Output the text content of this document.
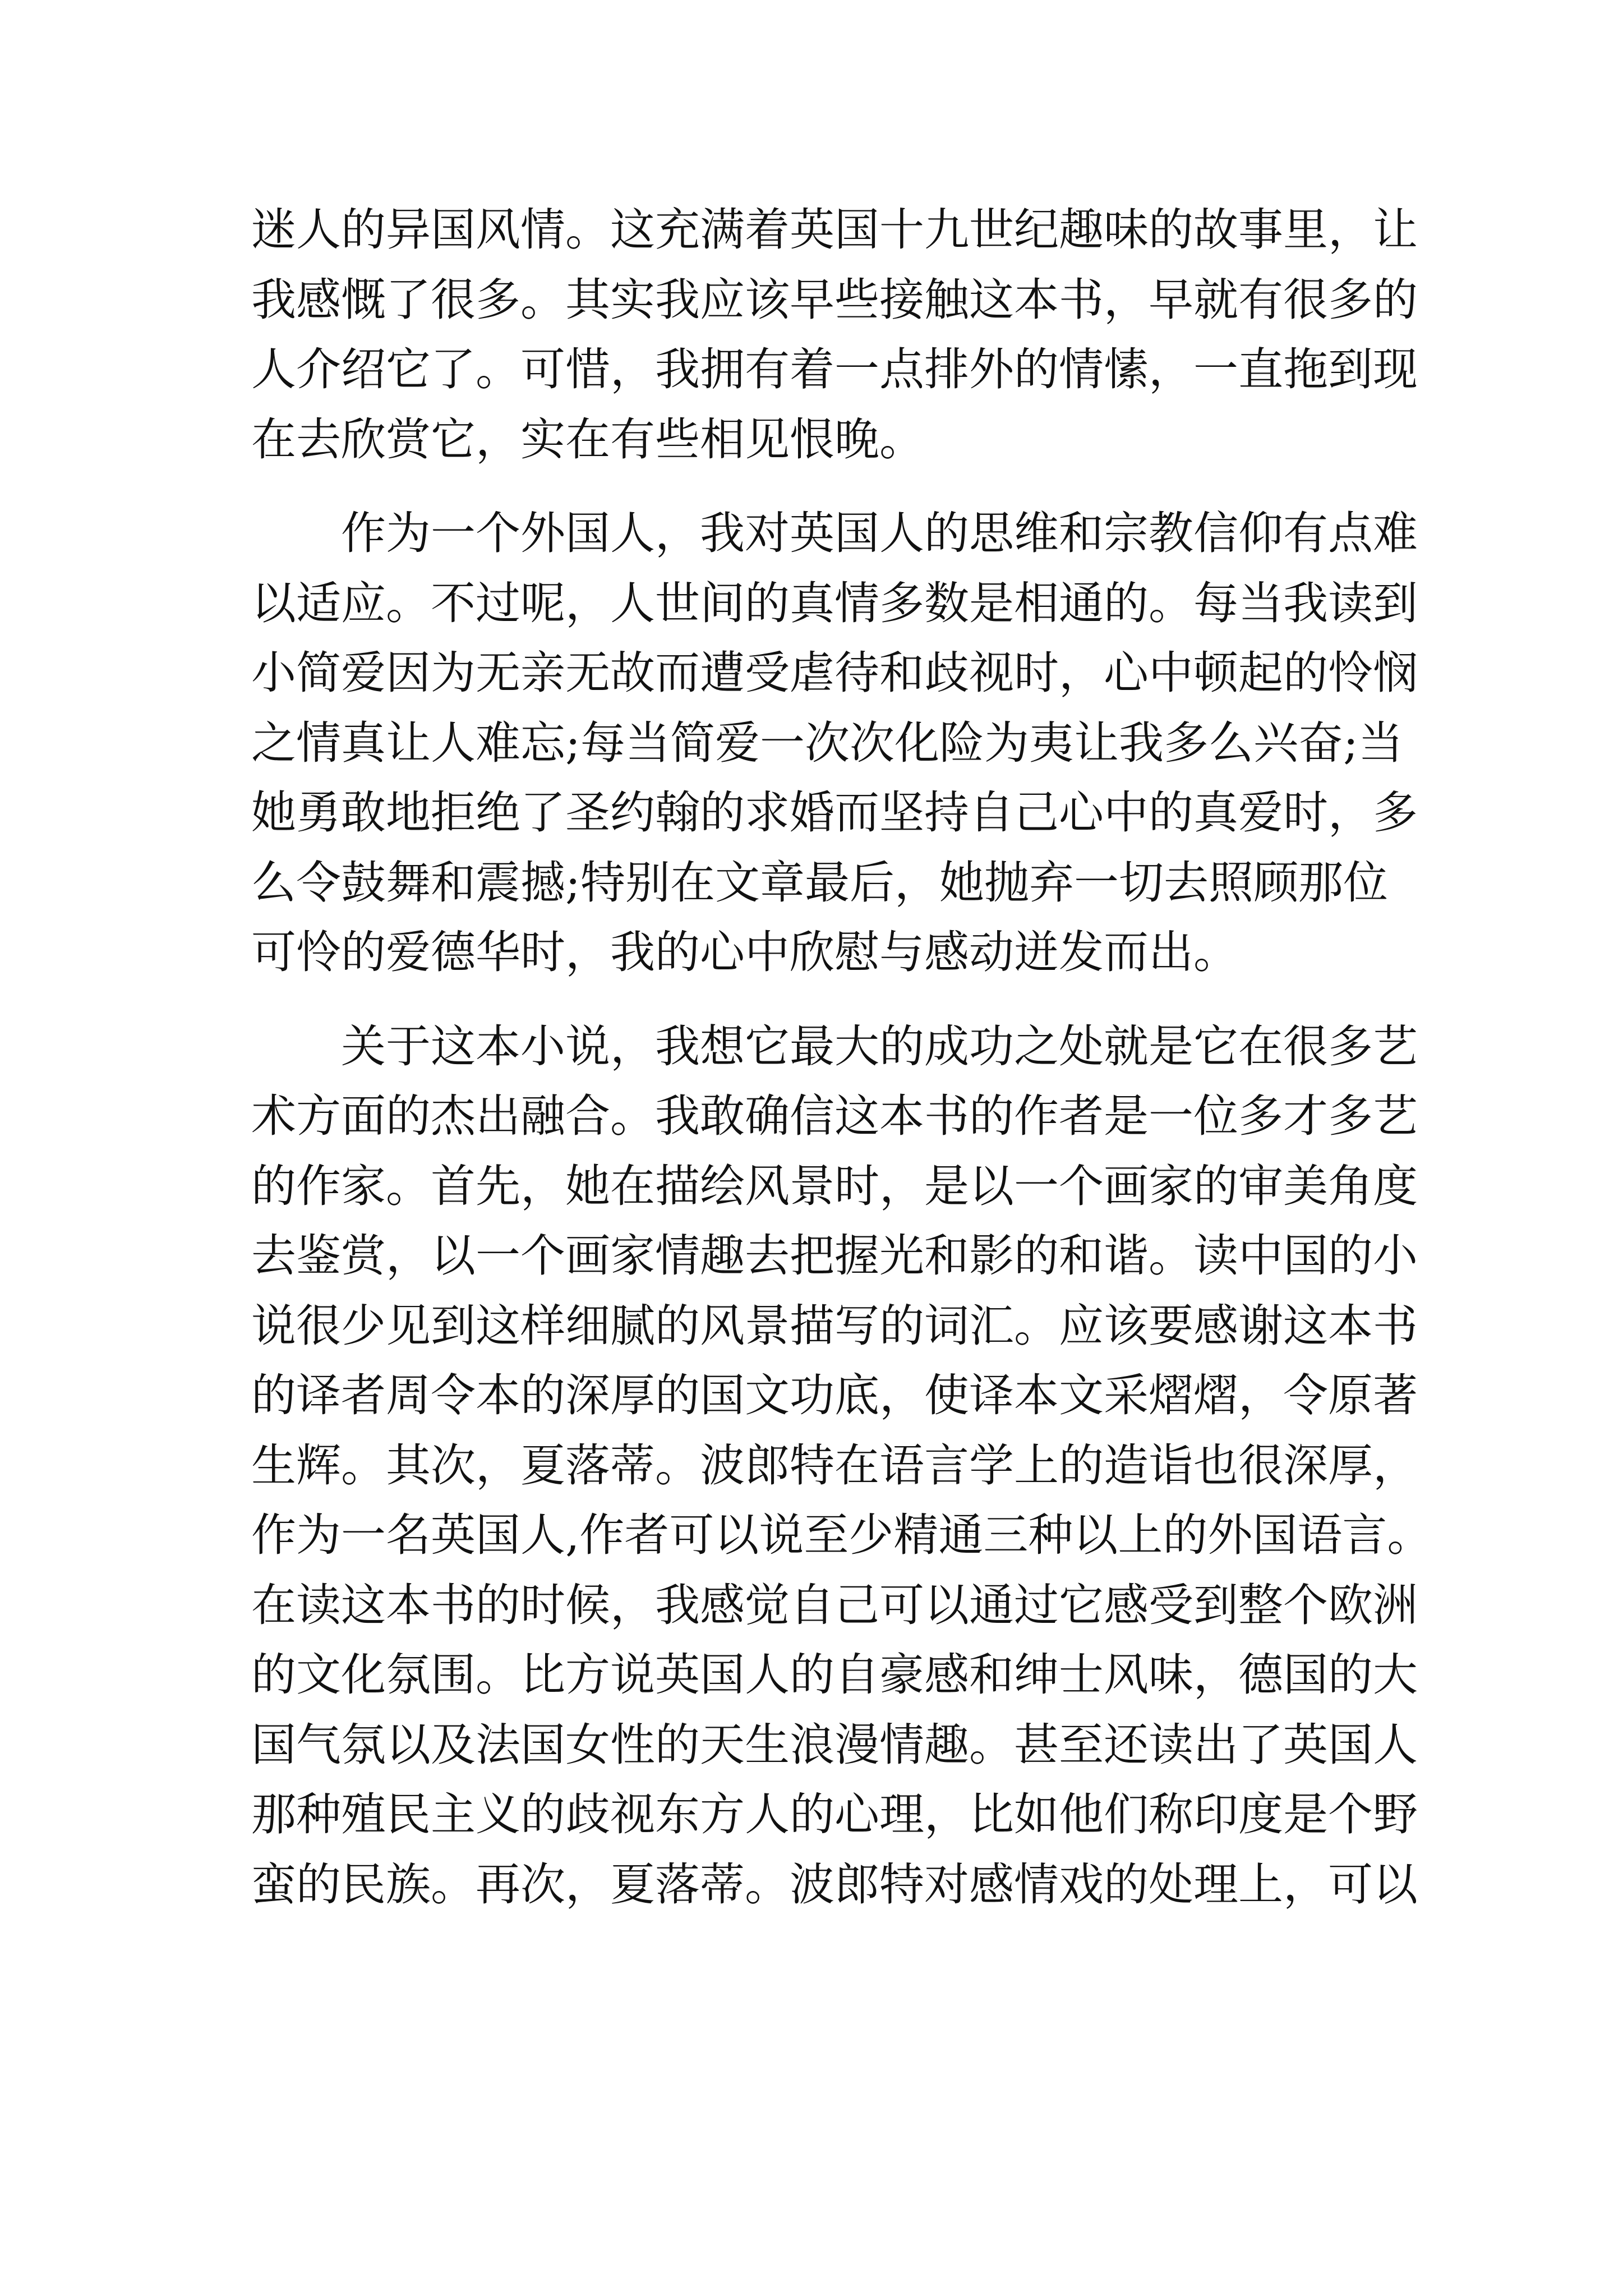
迷人的异国风情。这充满着英国十九世纪趣味的故事里，让
我感慨了很多。其实我应该早些接触这本书，早就有很多的
人介绍它了。可惜，我拥有着一点排外的情愫，一直拖到现
在去欣赏它，实在有些相见恨晚。
　　作为一个外国人，我对英国人的思维和宗教信仰有点难
以适应。不过呢，人世间的真情多数是相通的。每当我读到
小简爱因为无亲无故而遭受虐待和歧视时，心中顿起的怜悯
之情真让人难忘;每当简爱一次次化险为夷让我多么兴奋;当
她勇敢地拒绝了圣约翰的求婚而坚持自己心中的真爱时，多
么令鼓舞和震撼;特别在文章最后，她抛弃一切去照顾那位
可怜的爱德华时，我的心中欣慰与感动迸发而出。
　　关于这本小说，我想它最大的成功之处就是它在很多艺
术方面的杰出融合。我敢确信这本书的作者是一位多才多艺
的作家。首先，她在描绘风景时，是以一个画家的审美角度
去鉴赏，以一个画家情趣去把握光和影的和谐。读中国的小
说很少见到这样细腻的风景描写的词汇。应该要感谢这本书
的译者周令本的深厚的国文功底，使译本文采熠熠，令原著
生辉。其次，夏落蒂。波郎特在语言学上的造诣也很深厚，
作为一名英国人,作者可以说至少精通三种以上的外国语言。
在读这本书的时候，我感觉自己可以通过它感受到整个欧洲
的文化氛围。比方说英国人的自豪感和绅士风味，德国的大
国气氛以及法国女性的天生浪漫情趣。甚至还读出了英国人
那种殖民主义的歧视东方人的心理，比如他们称印度是个野
蛮的民族。再次，夏落蒂。波郎特对感情戏的处理上，可以
